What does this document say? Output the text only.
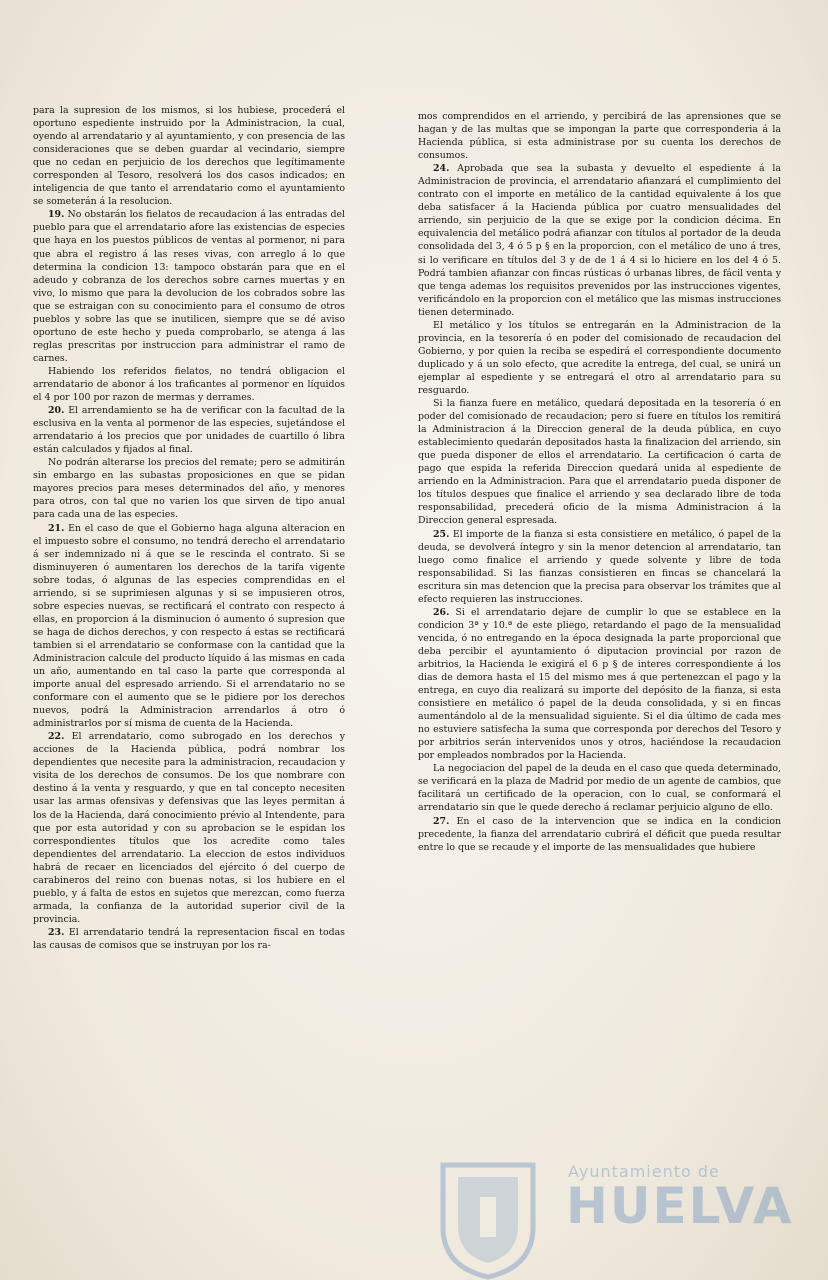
para la supresion de los mismos, si los hubiese, procederá el oportuno espediente instruido por la Administracion, la cual, oyendo al arrendatario y al ayuntamiento, y con presencia de las consideraciones que se deben guardar al vecindario, siempre que no cedan en perjuicio de los derechos que legítimamente corresponden al Tesoro, resolverá los dos casos indicados; en inteligencia de que tanto el arrendatario como el ayuntamiento se someterán á la resolucion.

19. No obstarán los fielatos de recaudacion á las entradas del pueblo para que el arrendatario afore las existencias de especies que haya en los puestos públicos de ventas al pormenor, ni para que abra el registro á las reses vivas, con arreglo á lo que determina la condicion 13: tampoco obstarán para que en el adeudo y cobranza de los derechos sobre carnes muertas y en vivo, lo mismo que para la devolucion de los cobrados sobre las que se estraigan con su conocimiento para el consumo de otros pueblos y sobre las que se inutilicen, siempre que se dé aviso oportuno de este hecho y pueda comprobarlo, se atenga á las reglas prescritas por instruccion para administrar el ramo de carnes.

Habiendo los referidos fielatos, no tendrá obligacion el arrendatario de abonor á los traficantes al pormenor en líquidos el 4 por 100 por razon de mermas y derrames.

20. El arrendamiento se ha de verificar con la facultad de la esclusiva en la venta al pormenor de las especies, sujetándose el arrendatario á los precios que por unidades de cuartillo ó libra están calculados y fijados al final.

No podrán alterarse los precios del remate; pero se admitirán sin embargo en las subastas proposiciones en que se pidan mayores precios para meses determinados del año, y menores para otros, con tal que no varien los que sirven de tipo anual para cada una de las especies.

21. En el caso de que el Gobierno haga alguna alteracion en el impuesto sobre el consumo, no tendrá derecho el arrendatario á ser indemnizado ni á que se le rescinda el contrato. Si se disminuyeren ó aumentaren los derechos de la tarifa vigente sobre todas, ó algunas de las especies comprendidas en el arriendo, si se suprimiesen algunas y si se impusieren otros, sobre especies nuevas, se rectificará el contrato con respecto á ellas, en proporcion á la disminucion ó aumento ó supresion que se haga de dichos derechos, y con respecto á estas se rectificará tambien si el arrendatario se conformase con la cantidad que la Administracion calcule del producto líquido á las mismas en cada un año, aumentando en tal caso la parte que corresponda al importe anual del espresado arriendo. Si el arrendatario no se conformare con el aumento que se le pidiere por los derechos nuevos, podrá la Administracion arrendarlos á otro ó administrarlos por sí misma de cuenta de la Hacienda.

22. El arrendatario, como subrogado en los derechos y acciones de la Hacienda pública, podrá nombrar los dependientes que necesite para la administracion, recaudacion y visita de los derechos de consumos. De los que nombrare con destino á la venta y resguardo, y que en tal concepto necesiten usar las armas ofensivas y defensivas que las leyes permitan á los de la Hacienda, dará conocimiento prévio al Intendente, para que por esta autoridad y con su aprobacion se le espidan los correspondientes títulos que los acredite como tales dependientes del arrendatario. La eleccion de estos individuos habrá de recaer en licenciados del ejército ó del cuerpo de carabineros del reino con buenas notas, si los hubiere en el pueblo, y á falta de estos en sujetos que merezcan, como fuerza armada, la confianza de la autoridad superior civil de la provincia.

23. El arrendatario tendrá la representacion fiscal en todas las causas de comisos que se instruyan por los ra-

mos comprendidos en el arriendo, y percibirá de las aprensiones que se hagan y de las multas que se impongan la parte que corresponderia á la Hacienda pública, si esta administrase por su cuenta los derechos de consumos.

24. Aprobada que sea la subasta y devuelto el espediente á la Administracion de provincia, el arrendatario afianzará el cumplimiento del contrato con el importe en metálico de la cantidad equivalente á los que deba satisfacer á la Hacienda pública por cuatro mensualidades del arriendo, sin perjuicio de la que se exige por la condicion décima. En equivalencia del metálico podrá afianzar con títulos al portador de la deuda consolidada del 3, 4 ó 5 p § en la proporcion, con el metálico de uno á tres, si lo verificare en títulos del 3 y de de 1 á 4 si lo hiciere en los del 4 ó 5. Podrá tambien afianzar con fincas rústicas ó urbanas libres, de fácil venta y que tenga ademas los requisitos prevenidos por las instrucciones vigentes, verificándolo en la proporcion con el metálico que las mismas instrucciones tienen determinado.

El metálico y los títulos se entregarán en la Administracion de la provincia, en la tesorería ó en poder del comisionado de recaudacion del Gobierno, y por quien la reciba se espedirá el correspondiente documento duplicado y á un solo efecto, que acredite la entrega, del cual, se unirá un ejemplar al espediente y se entregará el otro al arrendatario para su resguardo.

Si la fianza fuere en metálico, quedará depositada en la tesorería ó en poder del comisionado de recaudacion; pero si fuere en títulos los remitirá la Administracion á la Direccion general de la deuda pública, en cuyo establecimiento quedarán depositados hasta la finalizacion del arriendo, sin que pueda disponer de ellos el arrendatario. La certificacion ó carta de pago que espida la referida Direccion quedará unida al espediente de arriendo en la Administracion. Para que el arrendatario pueda disponer de los títulos despues que finalice el arriendo y sea declarado libre de toda responsabilidad, precederá oficio de la misma Administracion á la Direccion general espresada.

25. El importe de la fianza si esta consistiere en metálico, ó papel de la deuda, se devolverá íntegro y sin la menor detencion al arrendatario, tan luego como finalice el arriendo y quede solvente y libre de toda responsabilidad. Si las fianzas consistieren en fincas se chancelará la escritura sin mas detencion que la precisa para observar los trámites que al efecto requieren las instrucciones.

26. Si el arrendatario dejare de cumplir lo que se establece en la condicion 3ª y 10.ª de este pliego, retardando el pago de la mensualidad vencida, ó no entregando en la época designada la parte proporcional que deba percibir el ayuntamiento ó diputacion provincial por razon de arbitrios, la Hacienda le exigirá el 6 p § de interes correspondiente á los dias de demora hasta el 15 del mismo mes á que pertenezcan el pago y la entrega, en cuyo dia realizará su importe del depósito de la fianza, si esta consistiere en metálico ó papel de la deuda consolidada, y si en fincas aumentándolo al de la mensualidad siguiente. Si el dia último de cada mes no estuviere satisfecha la suma que corresponda por derechos del Tesoro y por arbitrios serán intervenidos unos y otros, haciéndose la recaudacion por empleados nombrados por la Hacienda.

La negociacion del papel de la deuda en el caso que queda determinado, se verificará en la plaza de Madrid por medio de un agente de cambios, que facilitará un certificado de la operacion, con lo cual, se conformará el arrendatario sin que le quede derecho á reclamar perjuicio alguno de ello.

27. En el caso de la intervencion que se indica en la condicion precedente, la fianza del arrendatario cubrirá el déficit que pueda resultar entre lo que se recaude y el importe de las mensualidades que hubiere

Ayuntamiento de
HUELVA
